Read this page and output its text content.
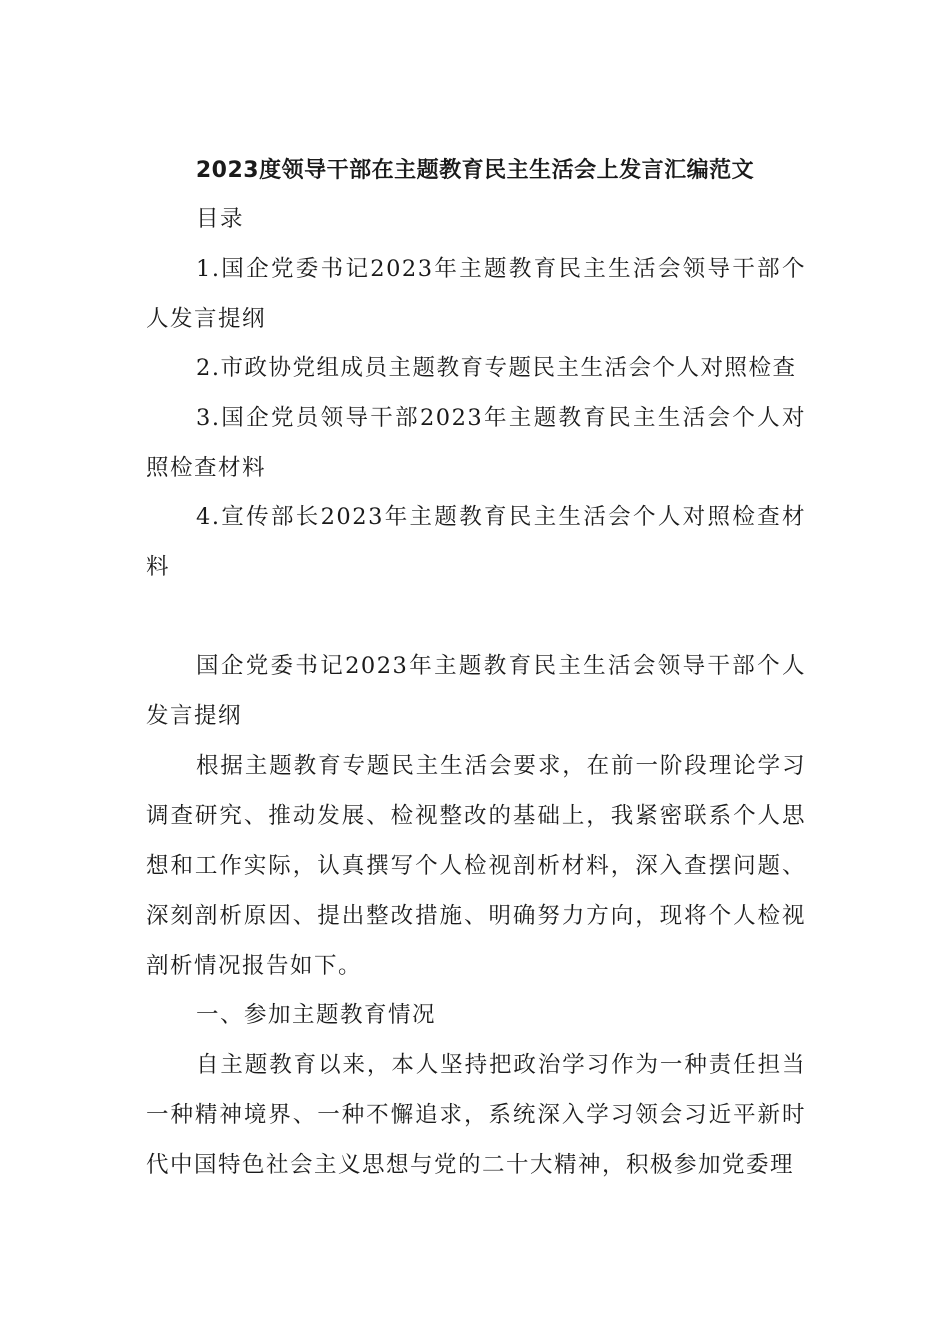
2023度领导干部在主题教育民主生活会上发言汇编范文

目录

1.国企党委书记2023年主题教育民主生活会领导干部个人发言提纲

2.市政协党组成员主题教育专题民主生活会个人对照检查

3.国企党员领导干部2023年主题教育民主生活会个人对照检查材料

4.宣传部长2023年主题教育民主生活会个人对照检查材料

国企党委书记2023年主题教育民主生活会领导干部个人发言提纲

根据主题教育专题民主生活会要求，在前一阶段理论学习调查研究、推动发展、检视整改的基础上，我紧密联系个人思想和工作实际，认真撰写个人检视剖析材料，深入查摆问题、深刻剖析原因、提出整改措施、明确努力方向，现将个人检视剖析情况报告如下。

一、参加主题教育情况

自主题教育以来，本人坚持把政治学习作为一种责任担当一种精神境界、一种不懈追求，系统深入学习领会习近平新时代中国特色社会主义思想与党的二十大精神，积极参加党委理
